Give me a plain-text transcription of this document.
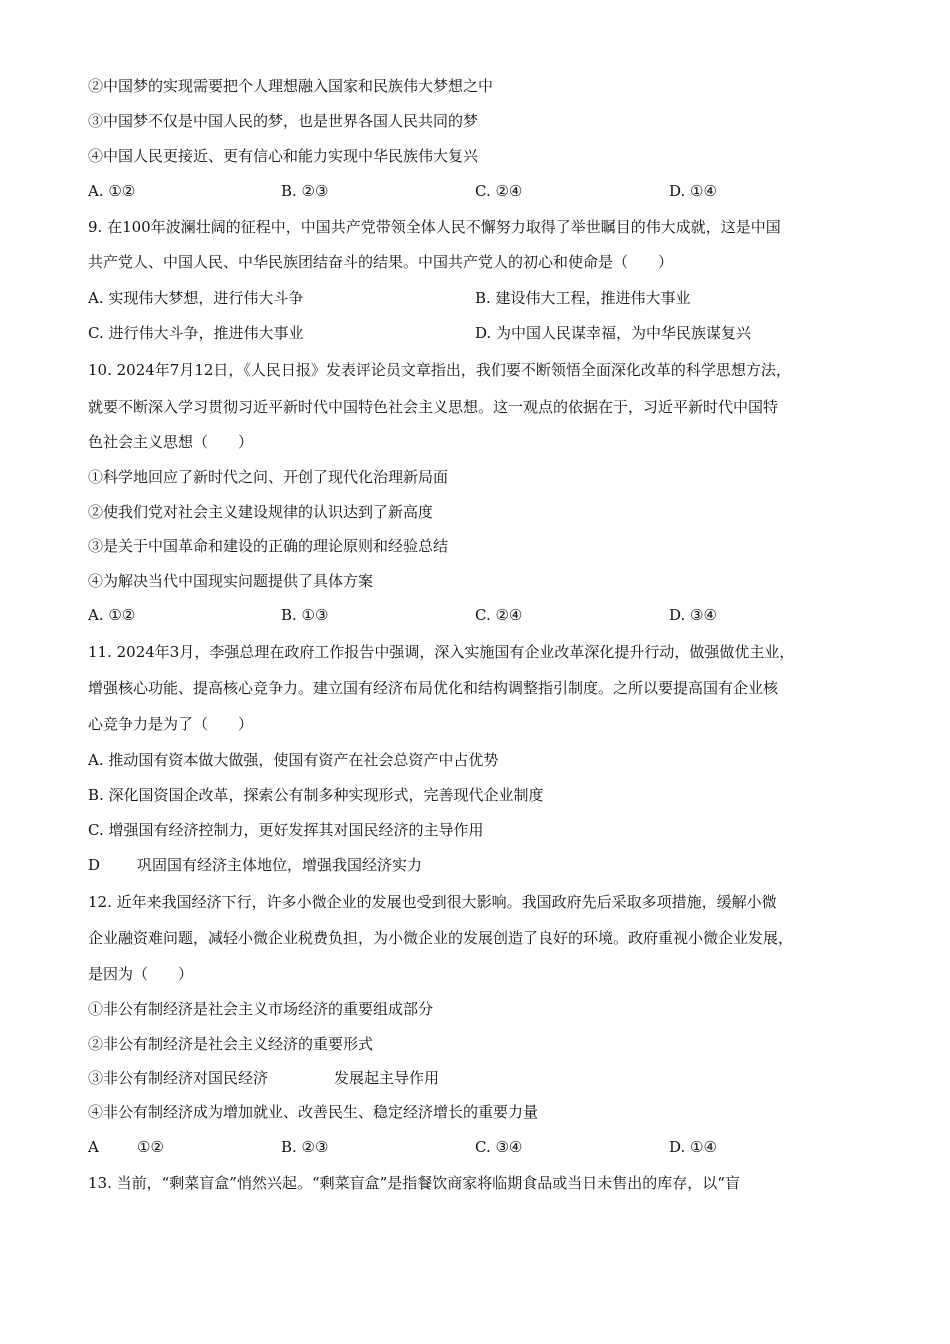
②中国梦的实现需要把个人理想融入国家和民族伟大梦想之中
③中国梦不仅是中国人民的梦，也是世界各国人民共同的梦
④中国人民更接近、更有信心和能力实现中华民族伟大复兴
A. ①②	B. ②③	C. ②④	D. ①④
9. 在100年波澜壮阔的征程中，中国共产党带领全体人民不懈努力取得了举世瞩目的伟大成就，这是中国
共产党人、中国人民、中华民族团结奋斗的结果。中国共产党人的初心和使命是（　　）
A. 实现伟大梦想，进行伟大斗争	B. 建设伟大工程，推进伟大事业
C. 进行伟大斗争，推进伟大事业	D. 为中国人民谋幸福，为中华民族谋复兴
10. 2024年7月12日，《人民日报》发表评论员文章指出，我们要不断领悟全面深化改革的科学思想方法，
就要不断深入学习贯彻习近平新时代中国特色社会主义思想。这一观点的依据在于，习近平新时代中国特
色社会主义思想（　　）
①科学地回应了新时代之问、开创了现代化治理新局面
②使我们党对社会主义建设规律的认识达到了新高度
③是关于中国革命和建设的正确的理论原则和经验总结
④为解决当代中国现实问题提供了具体方案
A. ①②	B. ①③	C. ②④	D. ③④
11. 2024年3月，李强总理在政府工作报告中强调，深入实施国有企业改革深化提升行动，做强做优主业，
增强核心功能、提高核心竞争力。建立国有经济布局优化和结构调整指引制度。之所以要提高国有企业核
心竞争力是为了（　　）
A. 推动国有资本做大做强，使国有资产在社会总资产中占优势
B. 深化国资国企改革，探索公有制多种实现形式，完善现代企业制度
C. 增强国有经济控制力，更好发挥其对国民经济的主导作用
D 巩固国有经济主体地位，增强我国经济实力
12. 近年来我国经济下行，许多小微企业的发展也受到很大影响。我国政府先后采取多项措施，缓解小微
企业融资难问题，减轻小微企业税费负担，为小微企业的发展创造了良好的环境。政府重视小微企业发展，
是因为（　　）
①非公有制经济是社会主义市场经济的重要组成部分
②非公有制经济是社会主义经济的重要形式
③非公有制经济对国民经济	发展起主导作用
④非公有制经济成为增加就业、改善民生、稳定经济增长的重要力量
A	①②	B. ②③	C. ③④	D. ①④
13. 当前，“剩菜盲盒”悄然兴起。“剩菜盲盒”是指餐饮商家将临期食品或当日未售出的库存，以“盲
